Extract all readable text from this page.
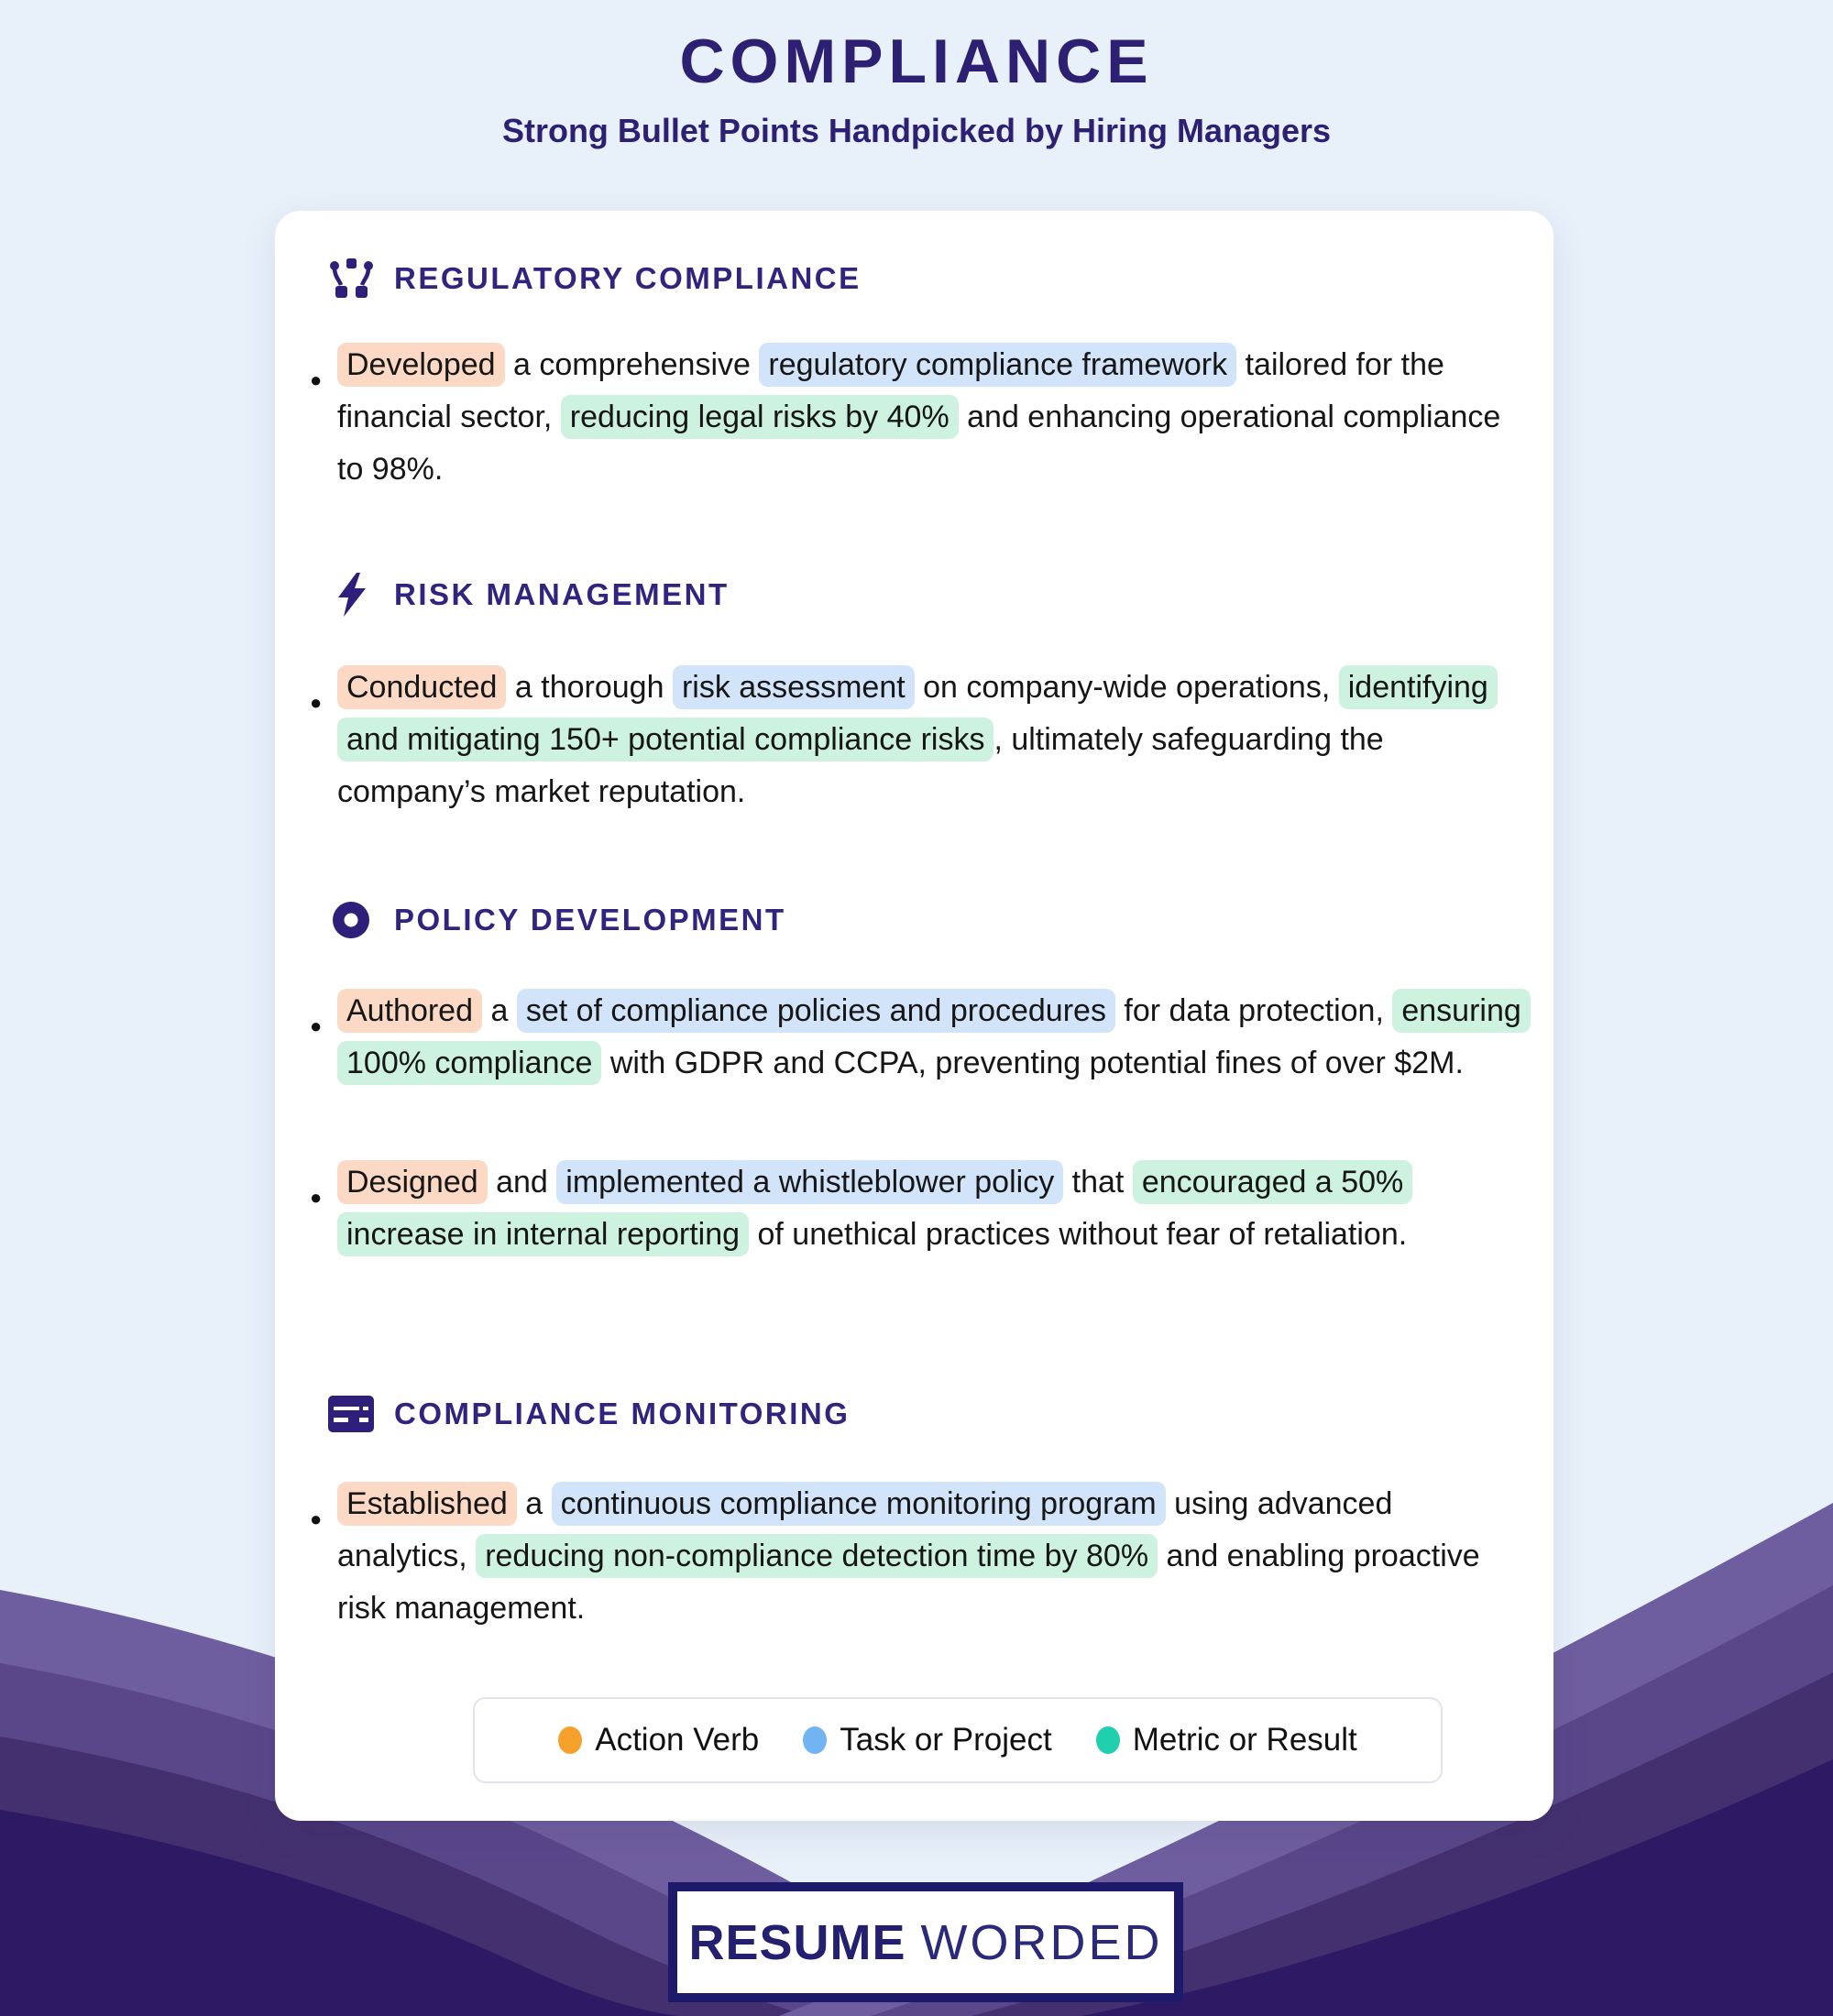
COMPLIANCE
Strong Bullet Points Handpicked by Hiring Managers
REGULATORY COMPLIANCE
● Developed a comprehensive regulatory compliance framework tailored for the financial sector, reducing legal risks by 40% and enhancing operational compliance to 98%.
RISK MANAGEMENT
● Conducted a thorough risk assessment on company-wide operations, identifying and mitigating 150+ potential compliance risks , ultimately safeguarding the company’s market reputation.
POLICY DEVELOPMENT
● Authored a set of compliance policies and procedures for data protection, ensuring 100% compliance with GDPR and CCPA, preventing potential fines of over $2M.
● Designed and implemented a whistleblower policy that encouraged a 50% increase in internal reporting of unethical practices without fear of retaliation.
COMPLIANCE MONITORING
● Established a continuous compliance monitoring program using advanced analytics, reducing non-compliance detection time by 80% and enabling proactive risk management.
Action Verb	Task or Project	Metric or Result
RESUME WORDED
